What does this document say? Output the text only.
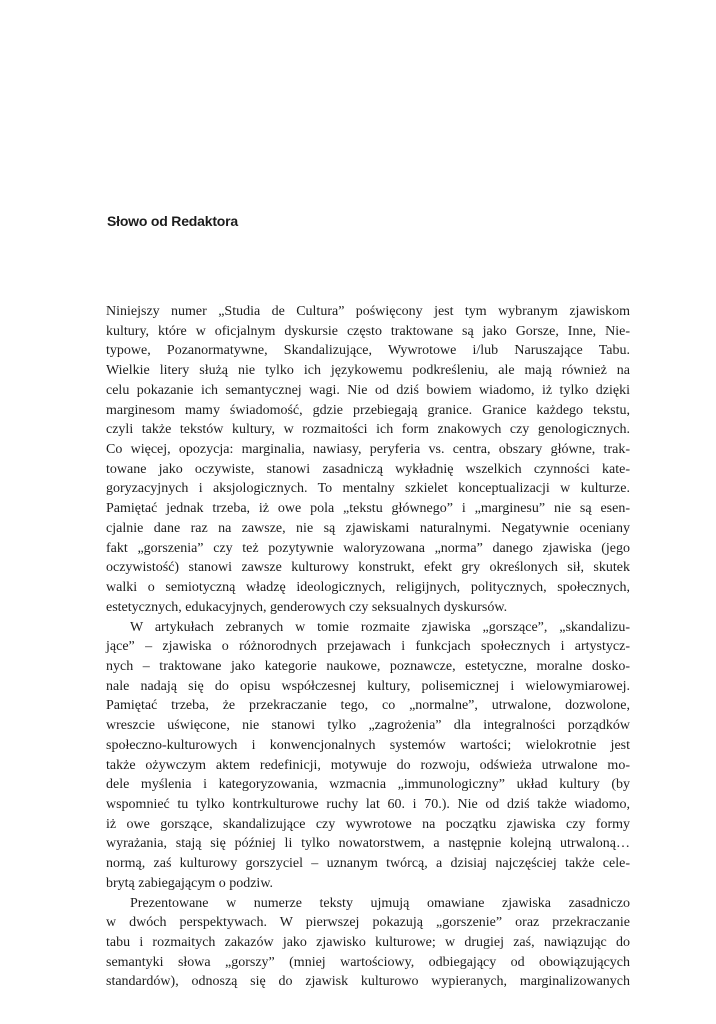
Słowo od Redaktora
Niniejszy numer „Studia de Cultura” poświęcony jest tym wybranym zjawiskom
kultury, które w oficjalnym dyskursie często traktowane są jako Gorsze, Inne, Nie-
typowe, Pozanormatywne, Skandalizujące, Wywrotowe i/lub Naruszające Tabu.
Wielkie litery służą nie tylko ich językowemu podkreśleniu, ale mają również na
celu pokazanie ich semantycznej wagi. Nie od dziś bowiem wiadomo, iż tylko dzięki
marginesom mamy świadomość, gdzie przebiegają granice. Granice każdego tekstu,
czyli także tekstów kultury, w rozmaitości ich form znakowych czy genologicznych.
Co więcej, opozycja: marginalia, nawiasy, peryferia vs. centra, obszary główne, trak-
towane jako oczywiste, stanowi zasadniczą wykładnię wszelkich czynności kate-
goryzacyjnych i aksjologicznych. To mentalny szkielet konceptualizacji w kulturze.
Pamiętać jednak trzeba, iż owe pola „tekstu głównego” i „marginesu” nie są esen-
cjalnie dane raz na zawsze, nie są zjawiskami naturalnymi. Negatywnie oceniany
fakt „gorszenia” czy też pozytywnie waloryzowana „norma” danego zjawiska (jego
oczywistość) stanowi zawsze kulturowy konstrukt, efekt gry określonych sił, skutek
walki o semiotyczną władzę ideologicznych, religijnych, politycznych, społecznych,
estetycznych, edukacyjnych, genderowych czy seksualnych dyskursów.
W artykułach zebranych w tomie rozmaite zjawiska „gorszące”, „skandalizu-
jące” – zjawiska o różnorodnych przejawach i funkcjach społecznych i artystycz-
nych – traktowane jako kategorie naukowe, poznawcze, estetyczne, moralne dosko-
nale nadają się do opisu współczesnej kultury, polisemicznej i wielowymiarowej.
Pamiętać trzeba, że przekraczanie tego, co „normalne”, utrwalone, dozwolone,
wreszcie uświęcone, nie stanowi tylko „zagrożenia” dla integralności porządków
społeczno-kulturowych i konwencjonalnych systemów wartości; wielokrotnie jest
także ożywczym aktem redefinicji, motywuje do rozwoju, odświeża utrwalone mo-
dele myślenia i kategoryzowania, wzmacnia „immunologiczny” układ kultury (by
wspomnieć tu tylko kontrkulturowe ruchy lat 60. i 70.). Nie od dziś także wiadomo,
iż owe gorszące, skandalizujące czy wywrotowe na początku zjawiska czy formy
wyrażania, stają się później li tylko nowatorstwem, a następnie kolejną utrwaloną…
normą, zaś kulturowy gorszyciel – uznanym twórcą, a dzisiaj najczęściej także cele-
brytą zabiegającym o podziw.
Prezentowane w numerze teksty ujmują omawiane zjawiska zasadniczo
w dwóch perspektywach. W pierwszej pokazują „gorszenie” oraz przekraczanie
tabu i rozmaitych zakazów jako zjawisko kulturowe; w drugiej zaś, nawiązując do
semantyki słowa „gorszy” (mniej wartościowy, odbiegający od obowiązujących
standardów), odnoszą się do zjawisk kulturowo wypieranych, marginalizowanych
